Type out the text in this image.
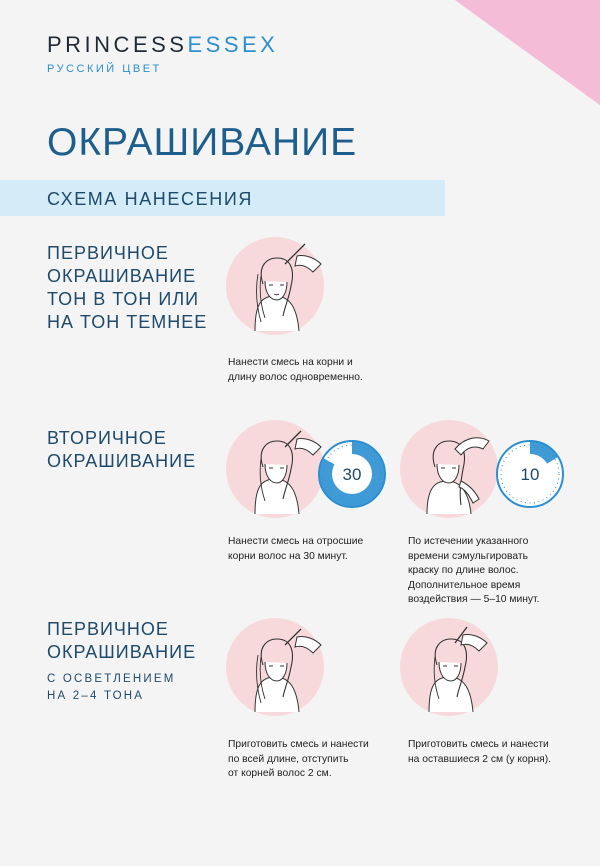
PRINCESSESSEX
РУССКИЙ ЦВЕТ
ОКРАШИВАНИЕ
СХЕМА НАНЕСЕНИЯ
ПЕРВИЧНОЕ
ОКРАШИВАНИЕ
ТОН В ТОН ИЛИ
НА ТОН ТЕМНЕЕ
Нанести смесь на корни и
длину волос одновременно.
ВТОРИЧНОЕ
ОКРАШИВАНИЕ
30
Нанести смесь на отросшие
корни волос на 30 минут.
10
По истечении указанного
времени сэмульгировать
краску по длине волос.
Дополнительное время
воздействия — 5–10 минут.
ПЕРВИЧНОЕ
ОКРАШИВАНИЕ
С ОСВЕТЛЕНИЕМ
НА 2–4 ТОНА
Приготовить смесь и нанести
по всей длине, отступить
от корней волос 2 см.
Приготовить смесь и нанести
на оставшиеся 2 см (у корня).
